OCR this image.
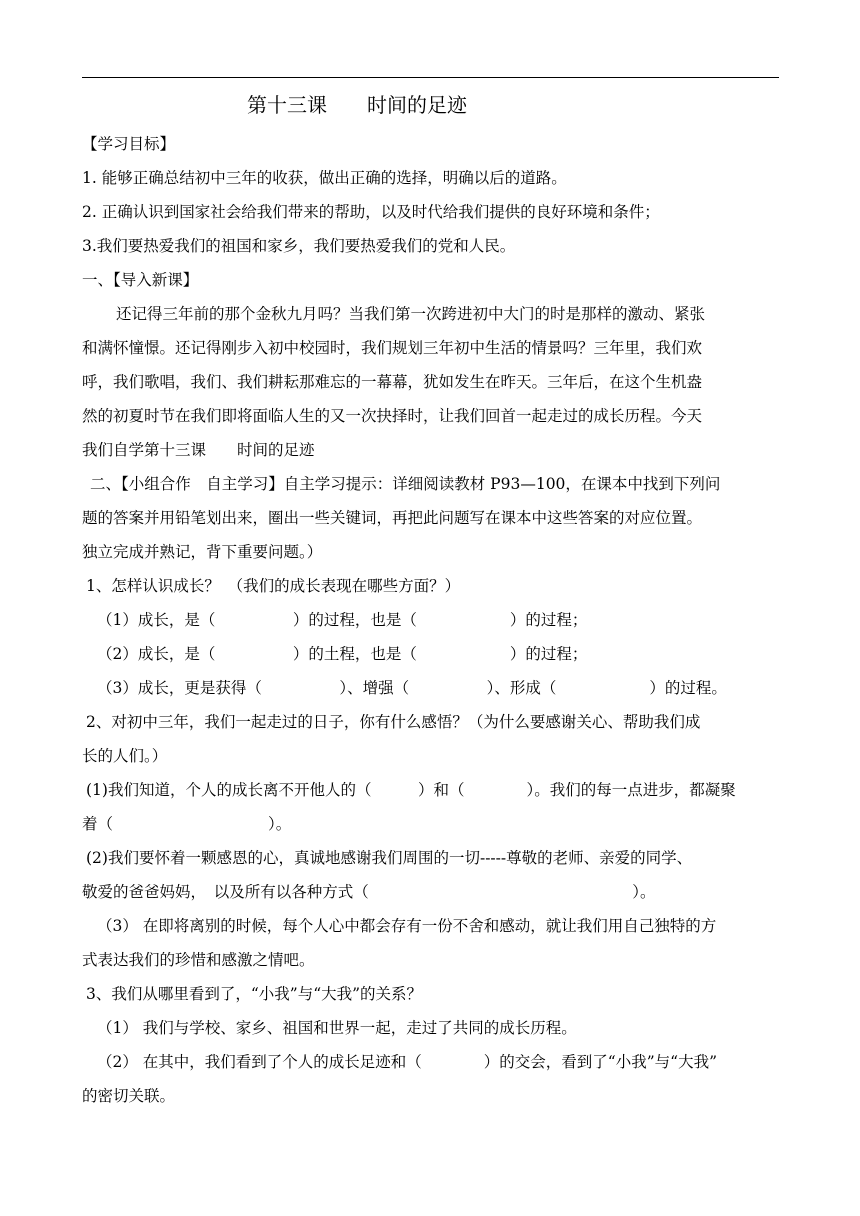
第十三课　　时间的足迹
【学习目标】
1. 能够正确总结初中三年的收获，做出正确的选择，明确以后的道路。
2. 正确认识到国家社会给我们带来的帮助，以及时代给我们提供的良好环境和条件；
3.我们要热爱我们的祖国和家乡，我们要热爱我们的党和人民。
一、【导入新课】
还记得三年前的那个金秋九月吗？当我们第一次跨进初中大门的时是那样的激动、紧张
和满怀憧憬。还记得刚步入初中校园时，我们规划三年初中生活的情景吗？三年里，我们欢
呼，我们歌唱，我们、我们耕耘那难忘的一幕幕，犹如发生在昨天。三年后，在这个生机盎
然的初夏时节在我们即将面临人生的又一次抉择时，让我们回首一起走过的成长历程。今天
我们自学第十三课　　时间的足迹
二、【小组合作　自主学习】自主学习提示：详细阅读教材 P93—100，在课本中找到下列问
题的答案并用铅笔划出来，圈出一些关键词，再把此问题写在课本中这些答案的对应位置。
独立完成并熟记，背下重要问题。）
1、怎样认识成长？　（我们的成长表现在哪些方面？）
（1）成长，是（　　　　　）的过程，也是（　　　　　　）的过程；
（2）成长，是（　　　　　）的土程，也是（　　　　　　）的过程；
（3）成长，更是获得（　　　　　）、增强（　　　　　）、形成（　　　　　　）的过程。
2、对初中三年，我们一起走过的日子，你有什么感悟？（为什么要感谢关心、帮助我们成
长的人们。）
(1)我们知道，个人的成长离不开他人的（　　　）和（　　　　）。我们的每一点进步，都凝聚
着（　　　　　　　　　　）。
(2)我们要怀着一颗感恩的心，真诚地感谢我们周围的一切-----尊敬的老师、亲爱的同学、
敬爱的爸爸妈妈，　以及所有以各种方式（　　　　　　　　　　　　　　　　　）。
（3） 在即将离别的时候，每个人心中都会存有一份不舍和感动，就让我们用自己独特的方
式表达我们的珍惜和感激之情吧。
3、我们从哪里看到了，“小我”与“大我”的关系？
（1） 我们与学校、家乡、祖国和世界一起，走过了共同的成长历程。
（2） 在其中，我们看到了个人的成长足迹和（　　　　）的交会，看到了“小我”与“大我”
的密切关联。
